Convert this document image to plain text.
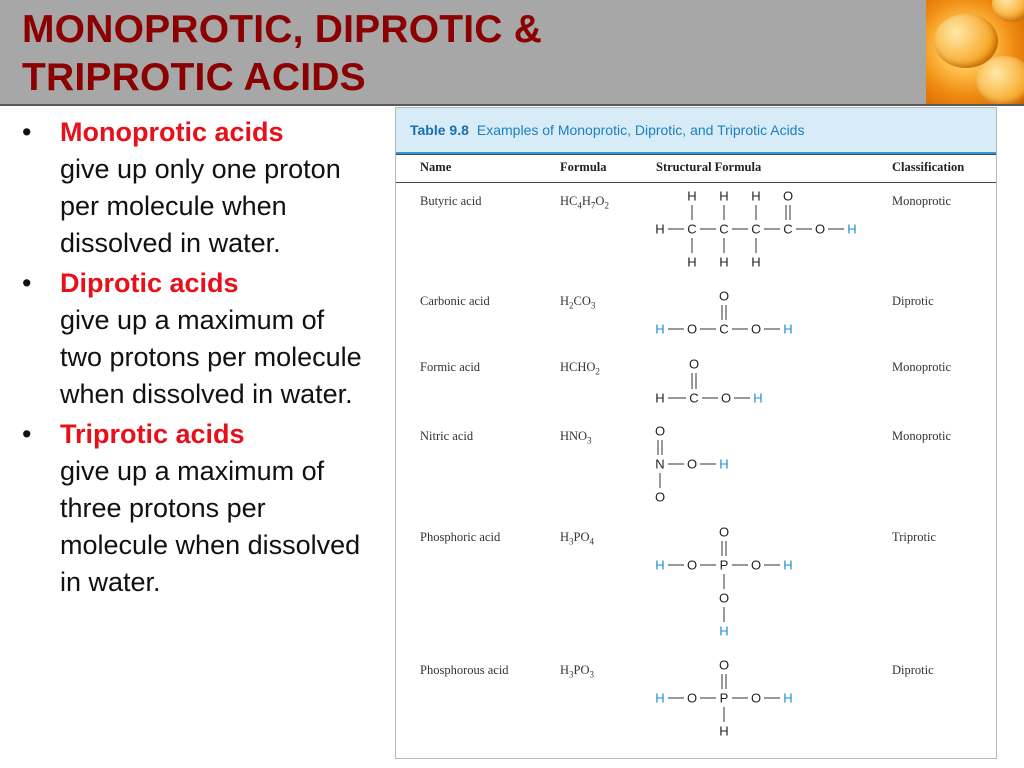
MONOPROTIC, DIPROTIC &
TRIPROTIC ACIDS
•	Monoprotic acids
give up only one proton per molecule when dissolved in water.
•	Diprotic acids
give up a maximum of two protons per molecule when dissolved in water.
•	Triprotic acids
give up a maximum of three protons per molecule when dissolved in water.
Table 9.8 Examples of Monoprotic, Diprotic, and Triprotic Acids
Name	Formula	Structural Formula	Classification
Butyric acid	$HC_4H_7O_2$	Monoprotic
H H H O
H C C C C O H
H H H
Carbonic acid	$H_2CO_3$	Diprotic
O
H O C O H
Formic acid	$HCHO_2$	Monoprotic
O
H C O H
Nitric acid	$HNO_3$	Monoprotic
O
N O H
O
Phosphoric acid	$H_3PO_4$	Triprotic
O
H O P O H
O
H
Phosphorous acid	$H_3PO_3$	Diprotic
O
H O P O H
H
